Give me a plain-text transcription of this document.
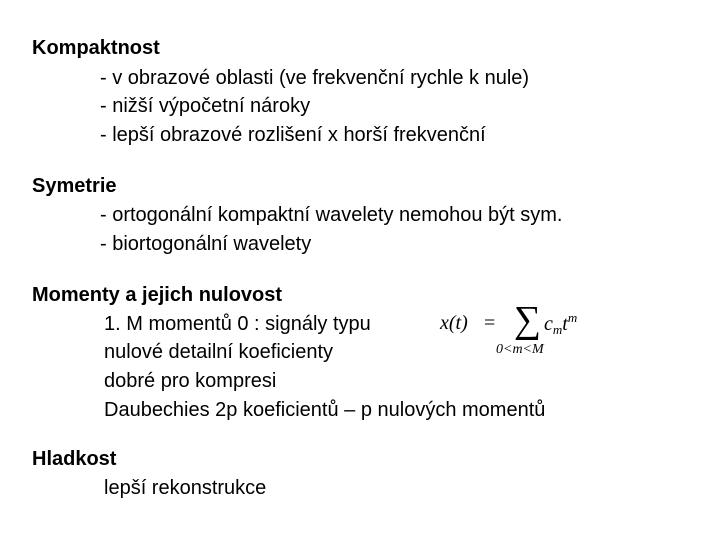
Kompaktnost
- v obrazové oblasti (ve frekvenční rychle k nule)
- nižší výpočetní nároky
- lepší obrazové rozlišení x horší frekvenční
Symetrie
- ortogonální kompaktní wavelety nemohou být sym.
- biortogonální wavelety
Momenty a jejich nulovost
1. M momentů 0 : signály typu
nulové detailní koeficienty
dobré pro kompresi
Daubechies 2p koeficientů – p nulových momentů
x(t) = ∑ $c_mt^m$
0<m<M
Hladkost
lepší rekonstrukce
